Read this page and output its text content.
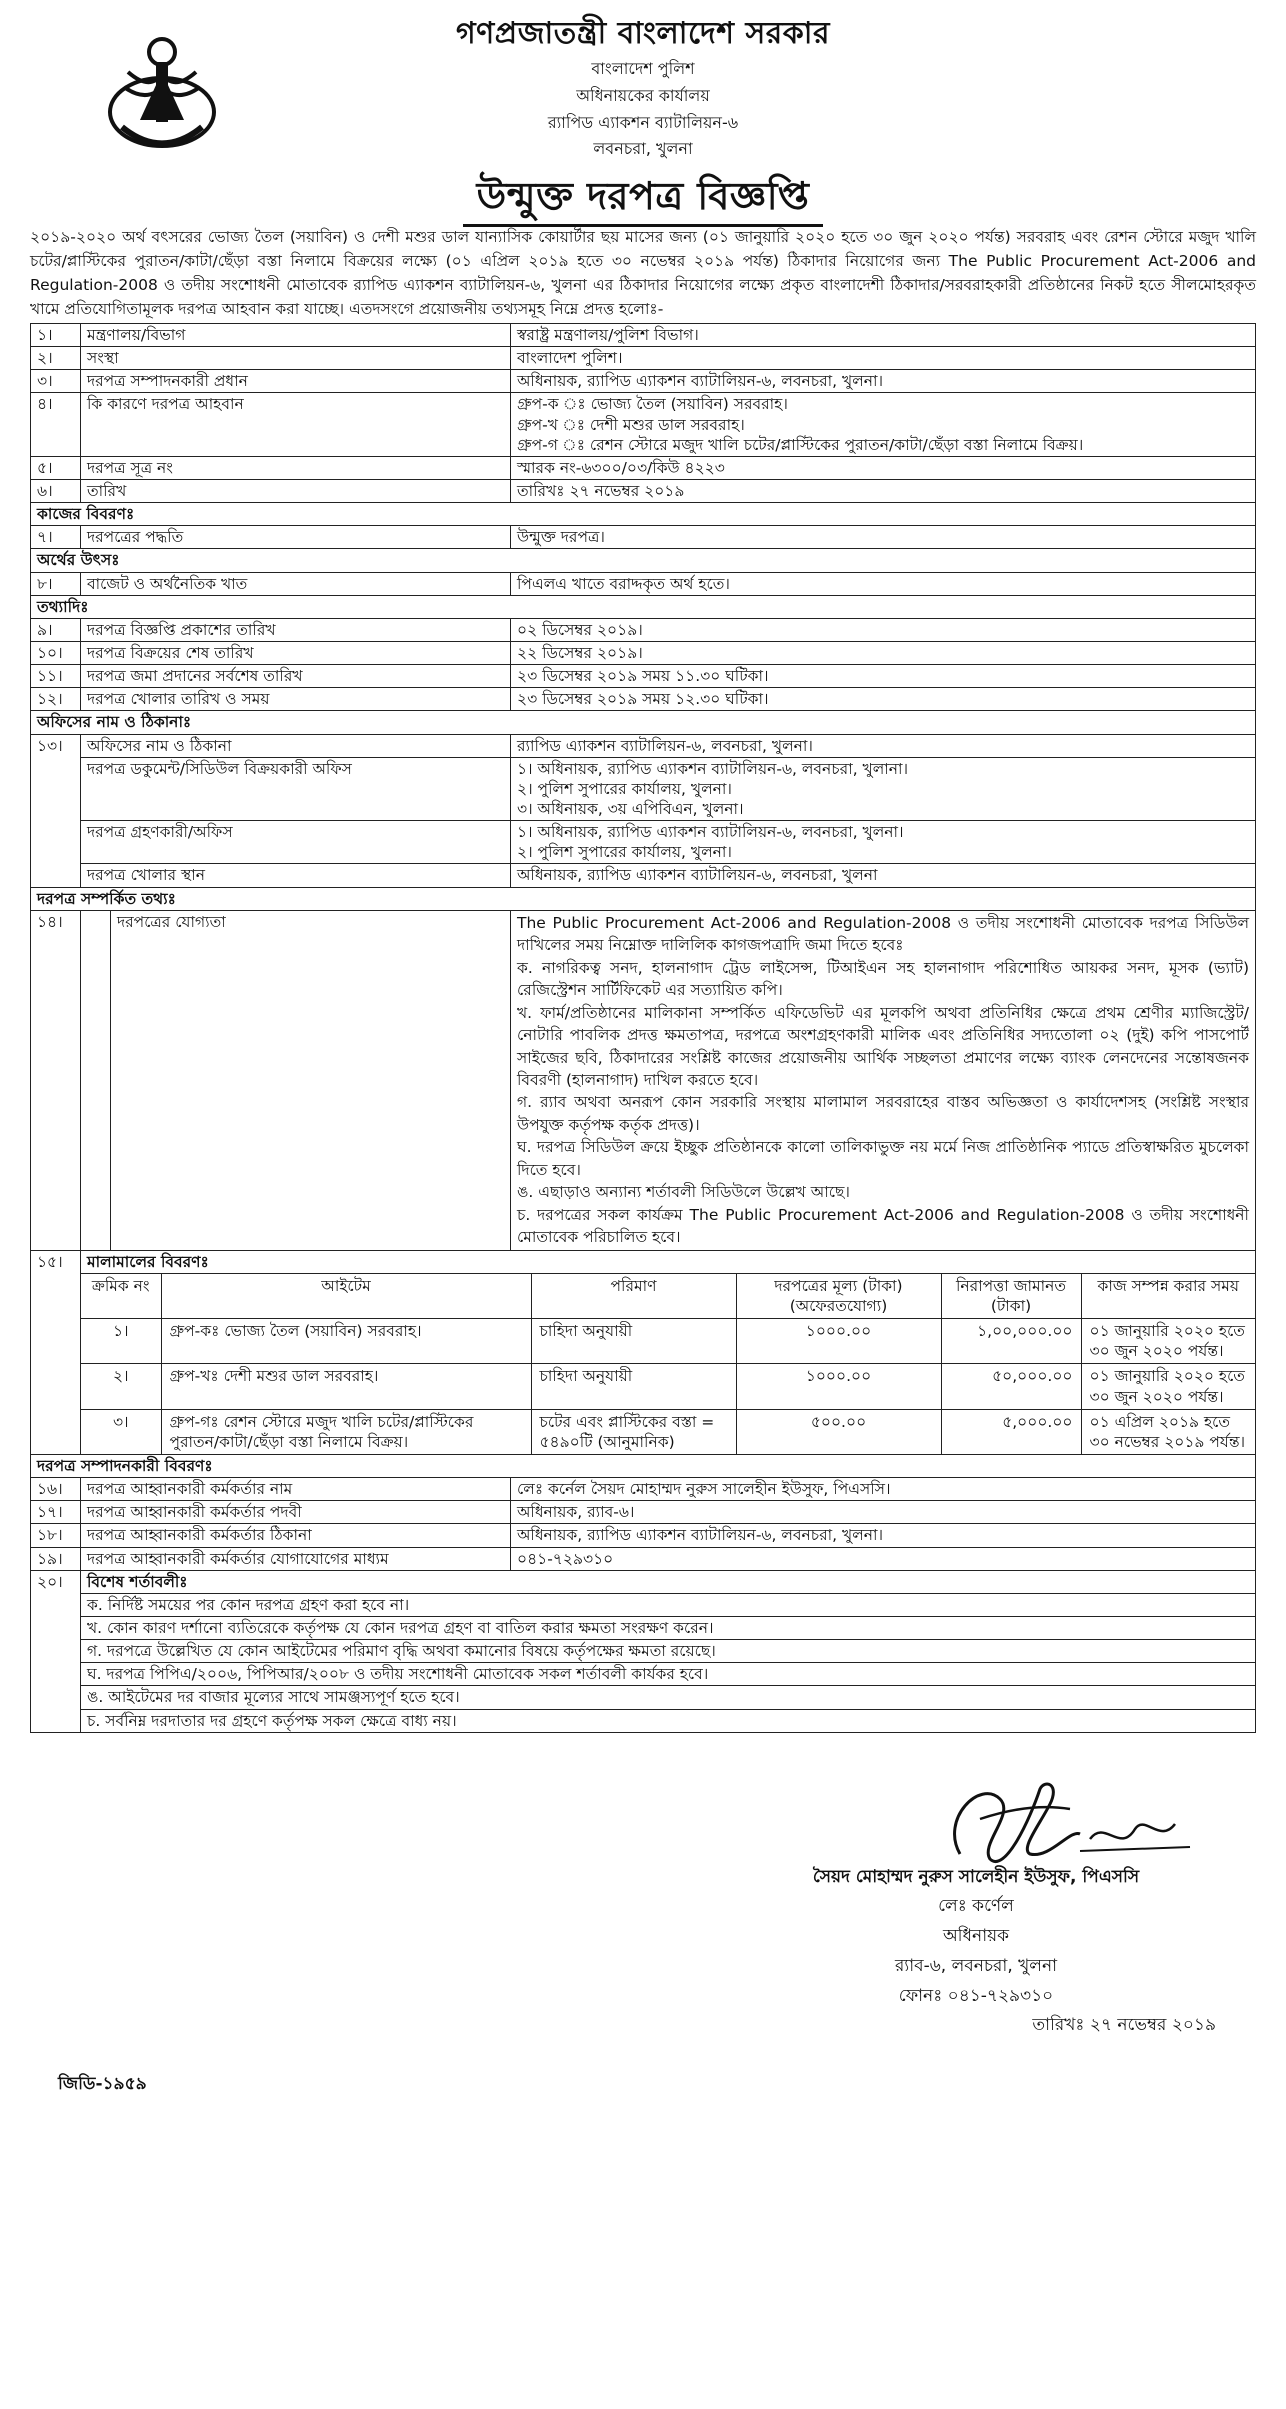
RAB
গণপ্রজাতন্ত্রী বাংলাদেশ সরকার
বাংলাদেশ পুলিশ
অধিনায়কের কার্যালয়
র‍্যাপিড এ্যাকশন ব্যাটালিয়ন-৬
লবনচরা, খুলনা
উন্মুক্ত দরপত্র বিজ্ঞপ্তি

২০১৯-২০২০ অর্থ বৎসরের ভোজ্য তৈল (সয়াবিন) ও দেশী মশুর ডাল যান্যাসিক কোয়ার্টার ছয় মাসের জন্য (০১ জানুয়ারি ২০২০ হতে ৩০ জুন ২০২০ পর্যন্ত) সরবরাহ এবং রেশন স্টোরে মজুদ খালি চটের/প্লাস্টিকের পুরাতন/কাটা/ছেঁড়া বস্তা নিলামে বিক্রয়ের লক্ষ্যে (০১ এপ্রিল ২০১৯ হতে ৩০ নভেম্বর ২০১৯ পর্যন্ত) ঠিকাদার নিয়োগের জন্য The Public Procurement Act-2006 and Regulation-2008 ও তদীয় সংশোধনী মোতাবেক র‍্যাপিড এ্যাকশন ব্যাটালিয়ন-৬, খুলনা এর ঠিকাদার নিয়োগের লক্ষ্যে প্রকৃত বাংলাদেশী ঠিকাদার/সরবরাহকারী প্রতিষ্ঠানের নিকট হতে সীলমোহরকৃত খামে প্রতিযোগিতামূলক দরপত্র আহবান করা যাচ্ছে। এতদসংগে প্রয়োজনীয় তথ্যসমূহ নিম্নে প্রদত্ত হলোঃ-

১।	মন্ত্রণালয়/বিভাগ	স্বরাষ্ট্র মন্ত্রণালয়/পুলিশ বিভাগ।
২।	সংস্থা	বাংলাদেশ পুলিশ।
৩।	দরপত্র সম্পাদনকারী প্রধান	অধিনায়ক, র‍্যাপিড এ্যাকশন ব্যাটালিয়ন-৬, লবনচরা, খুলনা।
৪।	কি কারণে দরপত্র আহবান	গ্রুপ-ক ঃ ভোজ্য তৈল (সয়াবিন) সরবরাহ।
গ্রুপ-খ ঃ দেশী মশুর ডাল সরবরাহ।
গ্রুপ-গ ঃ রেশন স্টোরে মজুদ খালি চটের/প্লাস্টিকের পুরাতন/কাটা/ছেঁড়া বস্তা নিলামে বিক্রয়।

৫।	দরপত্র সূত্র নং	স্মারক নং-৬৩০০/০৩/কিউ ৪২২৩
৬।	তারিখ	তারিখঃ ২৭ নভেম্বর ২০১৯
কাজের বিবরণঃ
৭।	দরপত্রের পদ্ধতি	উন্মুক্ত দরপত্র।
অর্থের উৎসঃ
৮।	বাজেট ও অর্থনৈতিক খাত	পিএলএ খাতে বরাদ্দকৃত অর্থ হতে।
তথ্যাদিঃ
৯।	দরপত্র বিজ্ঞপ্তি প্রকাশের তারিখ	০২ ডিসেম্বর ২০১৯।
১০।	দরপত্র বিক্রয়ের শেষ তারিখ	২২ ডিসেম্বর ২০১৯।
১১।	দরপত্র জমা প্রদানের সর্বশেষ তারিখ	২৩ ডিসেম্বর ২০১৯ সময় ১১.৩০ ঘটিকা।
১২।	দরপত্র খোলার তারিখ ও সময়	২৩ ডিসেম্বর ২০১৯ সময় ১২.৩০ ঘটিকা।
অফিসের নাম ও ঠিকানাঃ
১৩।	অফিসের নাম ও ঠিকানা	র‍্যাপিড এ্যাকশন ব্যাটালিয়ন-৬, লবনচরা, খুলনা।
দরপত্র ডকুমেন্ট/সিডিউল বিক্রয়কারী অফিস	১। অধিনায়ক, র‍্যাপিড এ্যাকশন ব্যাটালিয়ন-৬, লবনচরা, খুলানা।
২। পুলিশ সুপারের কার্যালয়, খুলনা।
৩। অধিনায়ক, ৩য় এপিবিএন, খুলনা।

দরপত্র গ্রহণকারী/অফিস	১। অধিনায়ক, র‍্যাপিড এ্যাকশন ব্যাটালিয়ন-৬, লবনচরা, খুলনা।
২। পুলিশ সুপারের কার্যালয়, খুলনা।

দরপত্র খোলার স্থান	অধিনায়ক, র‍্যাপিড এ্যাকশন ব্যাটালিয়ন-৬, লবনচরা, খুলনা
দরপত্র সম্পর্কিত তথ্যঃ
১৪।		দরপত্রের যোগ্যতা	The Public Procurement Act-2006 and Regulation-2008 ও তদীয় সংশোধনী মোতাবেক দরপত্র সিডিউল দাখিলের সময় নিম্নোক্ত দালিলিক কাগজপত্রাদি জমা দিতে হবেঃ
ক. নাগরিকত্ব সনদ, হালনাগাদ ট্রেড লাইসেন্স, টিআইএন সহ হালনাগাদ পরিশোধিত আয়কর সনদ, মূসক (ভ্যাট) রেজিস্ট্রেশন সার্টিফিকেট এর সত্যায়িত কপি।
খ. ফার্ম/প্রতিষ্ঠানের মালিকানা সম্পর্কিত এফিডেভিট এর মূলকপি অথবা প্রতিনিধির ক্ষেত্রে প্রথম শ্রেণীর ম্যাজিস্ট্রেট/নোটারি পাবলিক প্রদত্ত ক্ষমতাপত্র, দরপত্রে অংশগ্রহণকারী মালিক এবং প্রতিনিধির সদ্যতোলা ০২ (দুই) কপি পাসপোর্ট সাইজের ছবি, ঠিকাদারের সংশ্লিষ্ট কাজের প্রয়োজনীয় আর্থিক সচ্ছলতা প্রমাণের লক্ষ্যে ব্যাংক লেনদেনের সন্তোষজনক বিবরণী (হালনাগাদ) দাখিল করতে হবে।
গ. র‍্যাব অথবা অনরূপ কোন সরকারি সংস্থায় মালামাল সরবরাহের বাস্তব অভিজ্ঞতা ও কার্যাদেশসহ (সংশ্লিষ্ট সংস্থার উপযুক্ত কর্তৃপক্ষ কর্তৃক প্রদত্ত)।
ঘ. দরপত্র সিডিউল ক্রয়ে ইচ্ছুক প্রতিষ্ঠানকে কালো তালিকাভুক্ত নয় মর্মে নিজ প্রাতিষ্ঠানিক প্যাডে প্রতিস্বাক্ষরিত মুচলেকা দিতে হবে।
ঙ. এছাড়াও অন্যান্য শর্তাবলী সিডিউলে উল্লেখ আছে।
চ. দরপত্রের সকল কার্যক্রম The Public Procurement Act-2006 and Regulation-2008 ও তদীয় সংশোধনী মোতাবেক পরিচালিত হবে।

১৫।	মালামালের বিবরণঃ
ক্রমিক নং	আইটেম	পরিমাণ	দরপত্রের মূল্য (টাকা) (অফেরতযোগ্য)	নিরাপত্তা জামানত (টাকা)	কাজ সম্পন্ন করার সময়
১।	গ্রুপ-কঃ ভোজ্য তৈল (সয়াবিন) সরবরাহ।	চাহিদা অনুযায়ী	১০০০.০০	১,০০,০০০.০০	০১ জানুয়ারি ২০২০ হতে ৩০ জুন ২০২০ পর্যন্ত।
২।	গ্রুপ-খঃ দেশী মশুর ডাল সরবরাহ।	চাহিদা অনুযায়ী	১০০০.০০	৫০,০০০.০০	০১ জানুয়ারি ২০২০ হতে ৩০ জুন ২০২০ পর্যন্ত।
৩।	গ্রুপ-গঃ রেশন স্টোরে মজুদ খালি চটের/প্লাস্টিকের পুরাতন/কাটা/ছেঁড়া বস্তা নিলামে বিক্রয়।	চটের এবং প্লাস্টিকের বস্তা = ৫৪৯০টি (আনুমানিক)	৫০০.০০	৫,০০০.০০	০১ এপ্রিল ২০১৯ হতে ৩০ নভেম্বর ২০১৯ পর্যন্ত।

দরপত্র সম্পাদনকারী বিবরণঃ
১৬।	দরপত্র আহ্বানকারী কর্মকর্তার নাম	লেঃ কর্নেল সৈয়দ মোহাম্মদ নুরুস সালেহীন ইউসুফ, পিএসসি।
১৭।	দরপত্র আহ্বানকারী কর্মকর্তার পদবী	অধিনায়ক, র‍্যাব-৬।
১৮।	দরপত্র আহ্বানকারী কর্মকর্তার ঠিকানা	অধিনায়ক, র‍্যাপিড এ্যাকশন ব্যাটালিয়ন-৬, লবনচরা, খুলনা।
১৯।	দরপত্র আহ্বানকারী কর্মকর্তার যোগাযোগের মাধ্যম	০৪১-৭২৯৩১০
২০।	বিশেষ শর্তাবলীঃ
ক. নির্দিষ্ট সময়ের পর কোন দরপত্র গ্রহণ করা হবে না।
খ. কোন কারণ দর্শানো ব্যতিরেকে কর্তৃপক্ষ যে কোন দরপত্র গ্রহণ বা বাতিল করার ক্ষমতা সংরক্ষণ করেন।
গ. দরপত্রে উল্লেখিত যে কোন আইটেমের পরিমাণ বৃদ্ধি অথবা কমানোর বিষয়ে কর্তৃপক্ষের ক্ষমতা রয়েছে।
ঘ. দরপত্র পিপিএ/২০০৬, পিপিআর/২০০৮ ও তদীয় সংশোধনী মোতাবেক সকল শর্তাবলী কার্যকর হবে।
ঙ. আইটেমের দর বাজার মূল্যের সাথে সামঞ্জস্যপূর্ণ হতে হবে।
চ. সর্বনিম্ন দরদাতার দর গ্রহণে কর্তৃপক্ষ সকল ক্ষেত্রে বাধ্য নয়।
সৈয়দ মোহাম্মদ নুরুস সালেহীন ইউসুফ, পিএসসি
লেঃ কর্ণেল
অধিনায়ক
র‍্যাব-৬, লবনচরা, খুলনা
ফোনঃ ০৪১-৭২৯৩১০
তারিখঃ ২৭ নভেম্বর ২০১৯
জিডি-১৯৫৯
